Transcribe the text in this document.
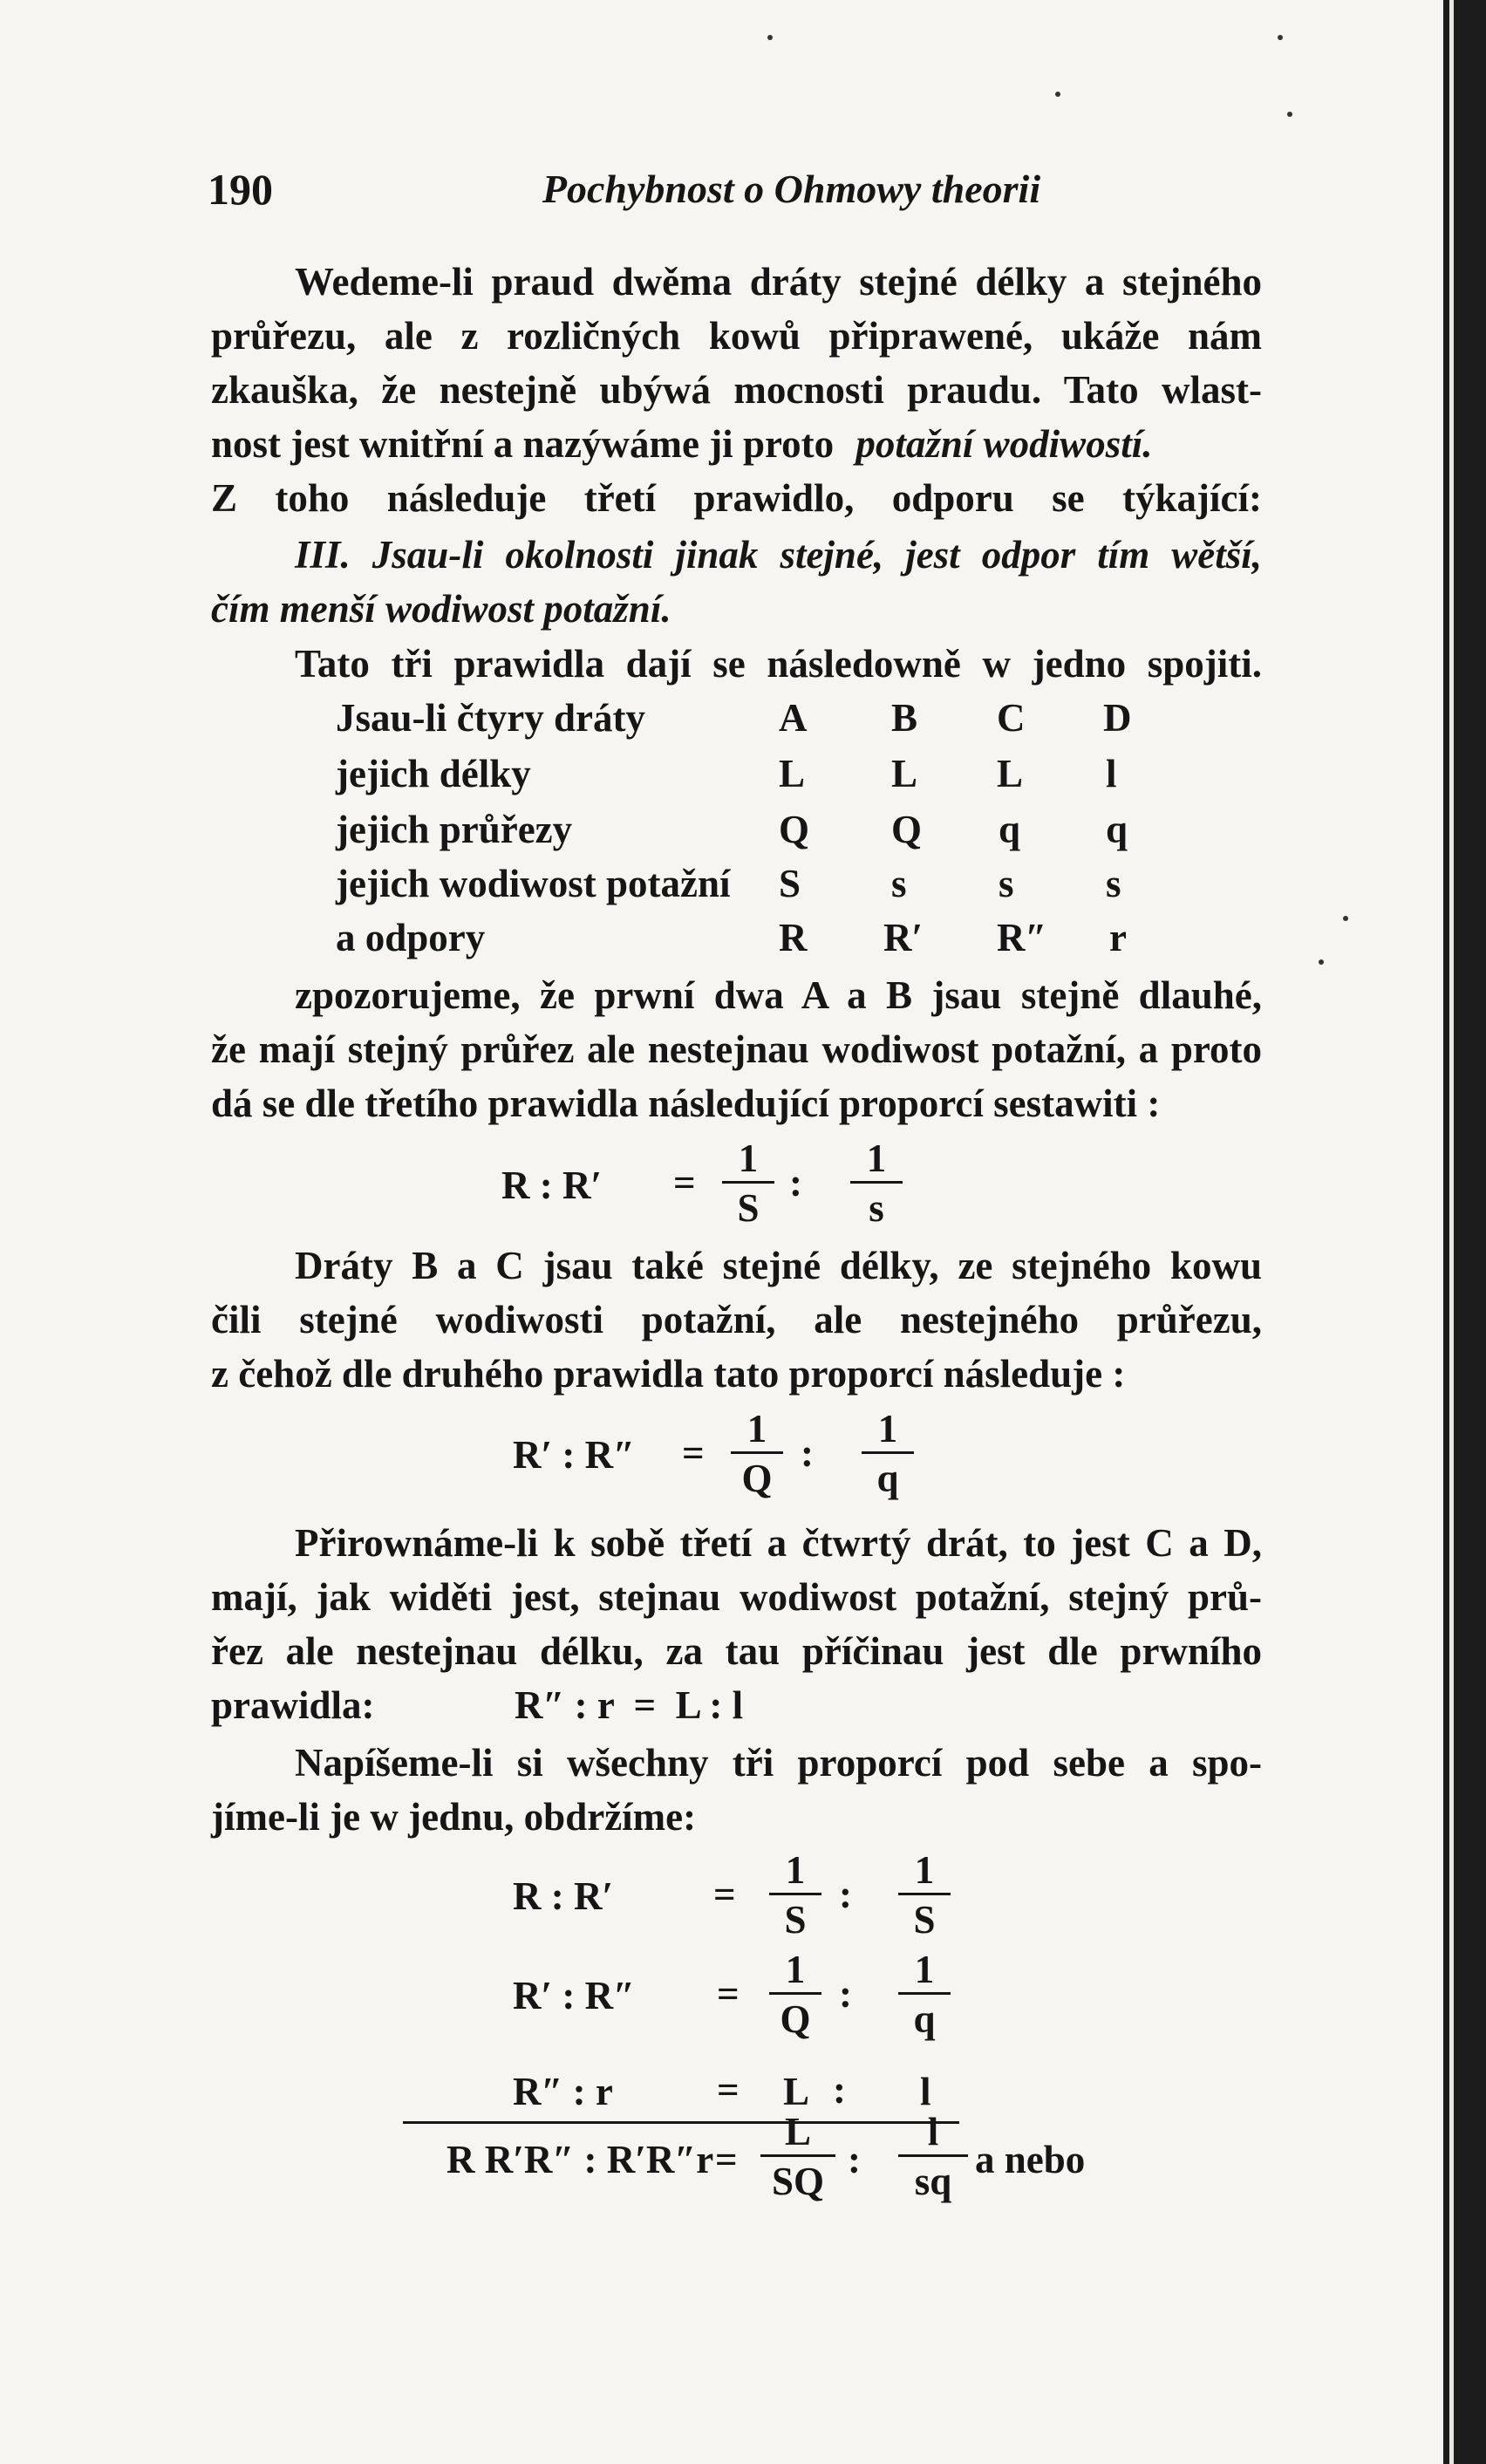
190	Pochybnost o Ohmowy theorii
Wedeme-li praud dwěma dráty stejné délky a stejného
průřezu, ale z rozličných kowů připrawené, ukáže nám
zkauška, že nestejně ubýwá mocnosti praudu. Tato wlast-
nost jest wnitřní a nazýwáme ji proto potažní wodiwostí.
Z toho následuje třetí prawidlo, odporu se týkající:
III. Jsau-li okolnosti jinak stejné, jest odpor tím wětší,
čím menší wodiwost potažní.
Tato tři prawidla dají se následowně w jedno spojiti.
Jsau-li čtyry dráty	A B C D
jejich délky	L L L l
jejich průřezy	Q Q q q
jejich wodiwost potažní S s s s
a odpory	R R′ R″ r
zpozorujeme, že prwní dwa A a B jsau stejně dlauhé,
že mají stejný průřez ale nestejnau wodiwost potažní, a proto
dá se dle třetího prawidla následující proporcí sestawiti :
R : $R' = \frac{1}{S}$ : $\frac{1}{s}$
Dráty B a C jsau také stejné délky, ze stejného kowu
čili stejné wodiwosti potažní, ale nestejného průřezu,
z čehož dle druhého prawidla tato proporcí následuje :
R′ : $R'' = \frac{1}{Q}$ : $\frac{1}{q}$
Přirownáme-li k sobě třetí a čtwrtý drát, to jest C a D,
mají, jak widěti jest, stejnau wodiwost potažní, stejný prů-
řez ale nestejnau délku, za tau příčinau jest dle prwního
prawidla:	R″ : r  =  L : l
Napíšeme-li si wšechny tři proporcí pod sebe a spo-
jíme-li je w jednu, obdržíme:
R : R′	= $\frac{1}{S}$ : $\frac{1}{S}$
R′ : $R'' = \frac{1}{Q}$ : $\frac{1}{q}$
R″ : r	= L : l
R R′R″ : $R'R''r = \frac{L}{SQ}$ : $\frac{l}{sq}$ a nebo
